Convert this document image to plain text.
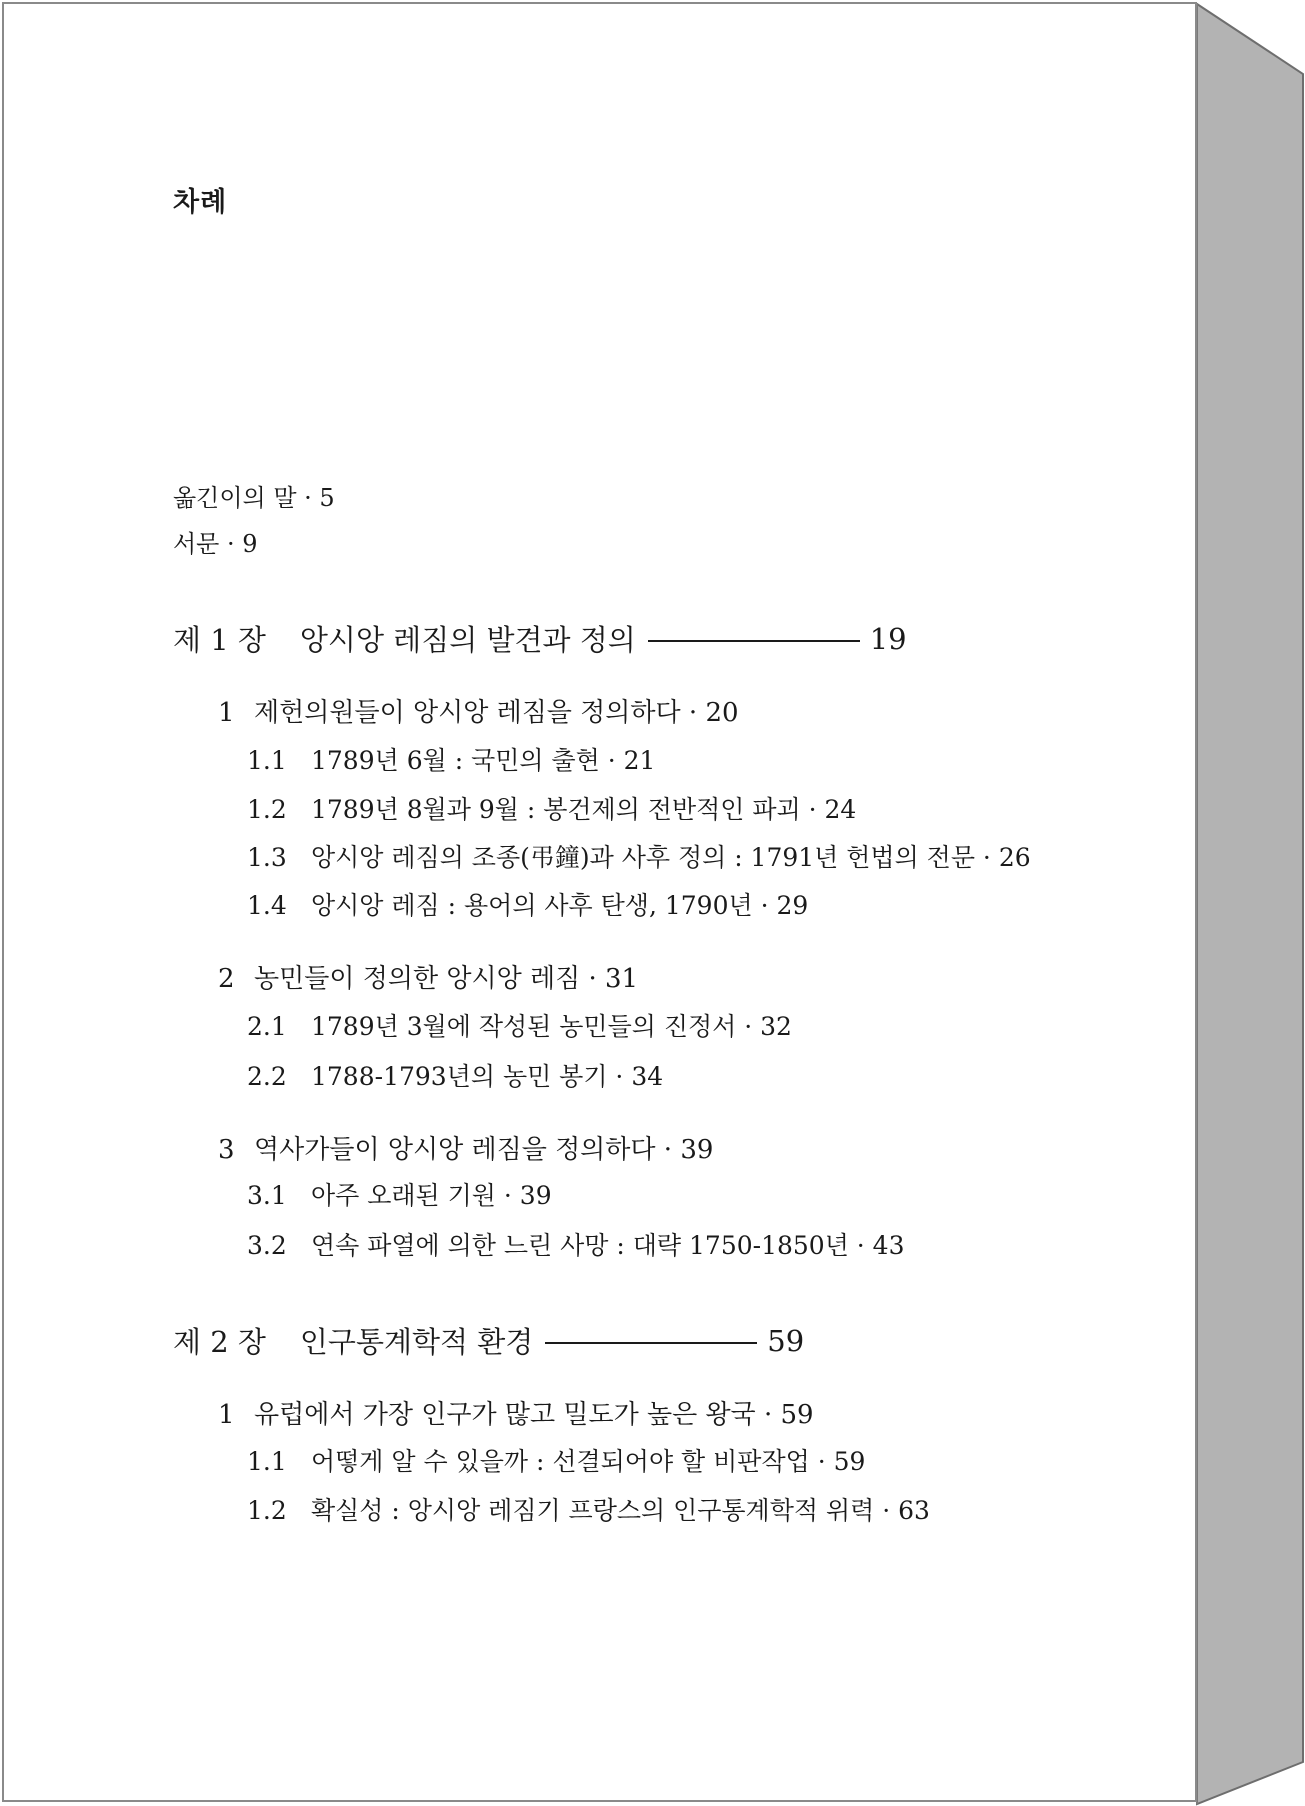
차례
옮긴이의 말 · 5
서문 · 9
제 1 장 앙시앙 레짐의 발견과 정의	19
1 제헌의원들이 앙시앙 레짐을 정의하다 · 20
1.1 1789년 6월 : 국민의 출현 · 21
1.2 1789년 8월과 9월 : 봉건제의 전반적인 파괴 · 24
1.3 앙시앙 레짐의 조종(弔鐘)과 사후 정의 : 1791년 헌법의 전문 · 26
1.4 앙시앙 레짐 : 용어의 사후 탄생, 1790년 · 29
2 농민들이 정의한 앙시앙 레짐 · 31
2.1 1789년 3월에 작성된 농민들의 진정서 · 32
2.2 1788-1793년의 농민 봉기 · 34
3 역사가들이 앙시앙 레짐을 정의하다 · 39
3.1 아주 오래된 기원 · 39
3.2 연속 파열에 의한 느린 사망 : 대략 1750-1850년 · 43
제 2 장 인구통계학적 환경	59
1 유럽에서 가장 인구가 많고 밀도가 높은 왕국 · 59
1.1 어떻게 알 수 있을까 : 선결되어야 할 비판작업 · 59
1.2 확실성 : 앙시앙 레짐기 프랑스의 인구통계학적 위력 · 63
